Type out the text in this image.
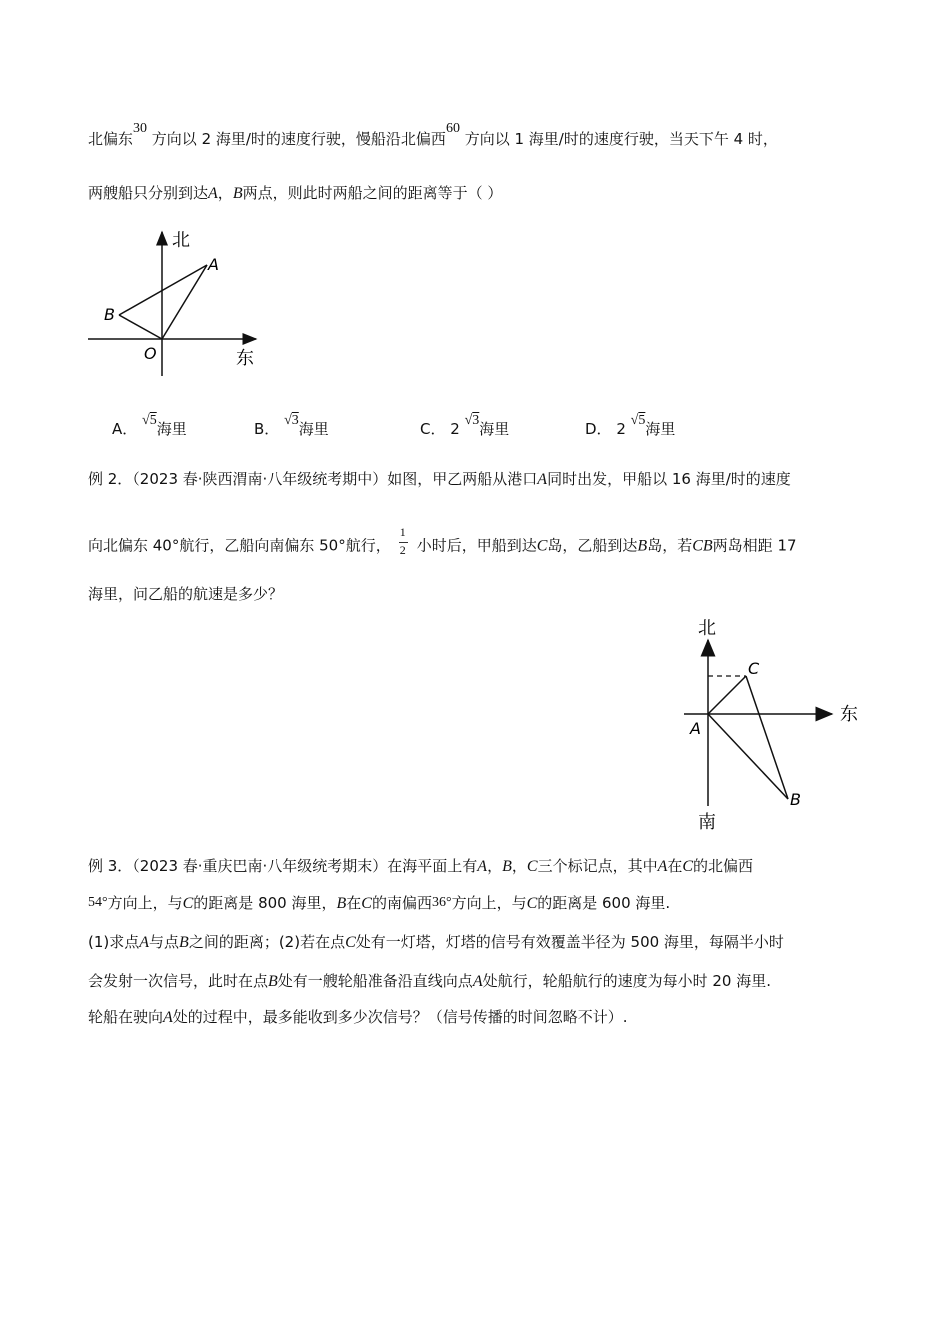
北偏东30 方向以 2 海里/时的速度行驶，慢船沿北偏西60 方向以 1 海里/时的速度行驶，当天下午 4 时，
两艘船只分别到达A，B两点，则此时两船之间的距离等于（ ）
北
东
A
B
O
A． √5海里	B． √3海里	C． 2 √3海里	D． 2 √5海里
例 2．（2023 春·陕西渭南·八年级统考期中）如图，甲乙两船从港口A同时出发，甲船以 16 海里/时的速度
向北偏东 40°航行，乙船向南偏东 50°航行， $\frac{1}{2}$ 小时后，甲船到达C岛，乙船到达B岛，若CB两岛相距 17
海里，问乙船的航速是多少？
北
东
南
A
B
C
例 3．（2023 春·重庆巴南·八年级统考期末）在海平面上有A，B，C三个标记点，其中A在C的北偏西
54°方向上，与C的距离是 800 海里，B在C的南偏西36°方向上，与C的距离是 600 海里.
(1)求点A与点B之间的距离；(2)若在点C处有一灯塔，灯塔的信号有效覆盖半径为 500 海里，每隔半小时
会发射一次信号，此时在点B处有一艘轮船准备沿直线向点A处航行，轮船航行的速度为每小时 20 海里.
轮船在驶向A处的过程中，最多能收到多少次信号？（信号传播的时间忽略不计）.
